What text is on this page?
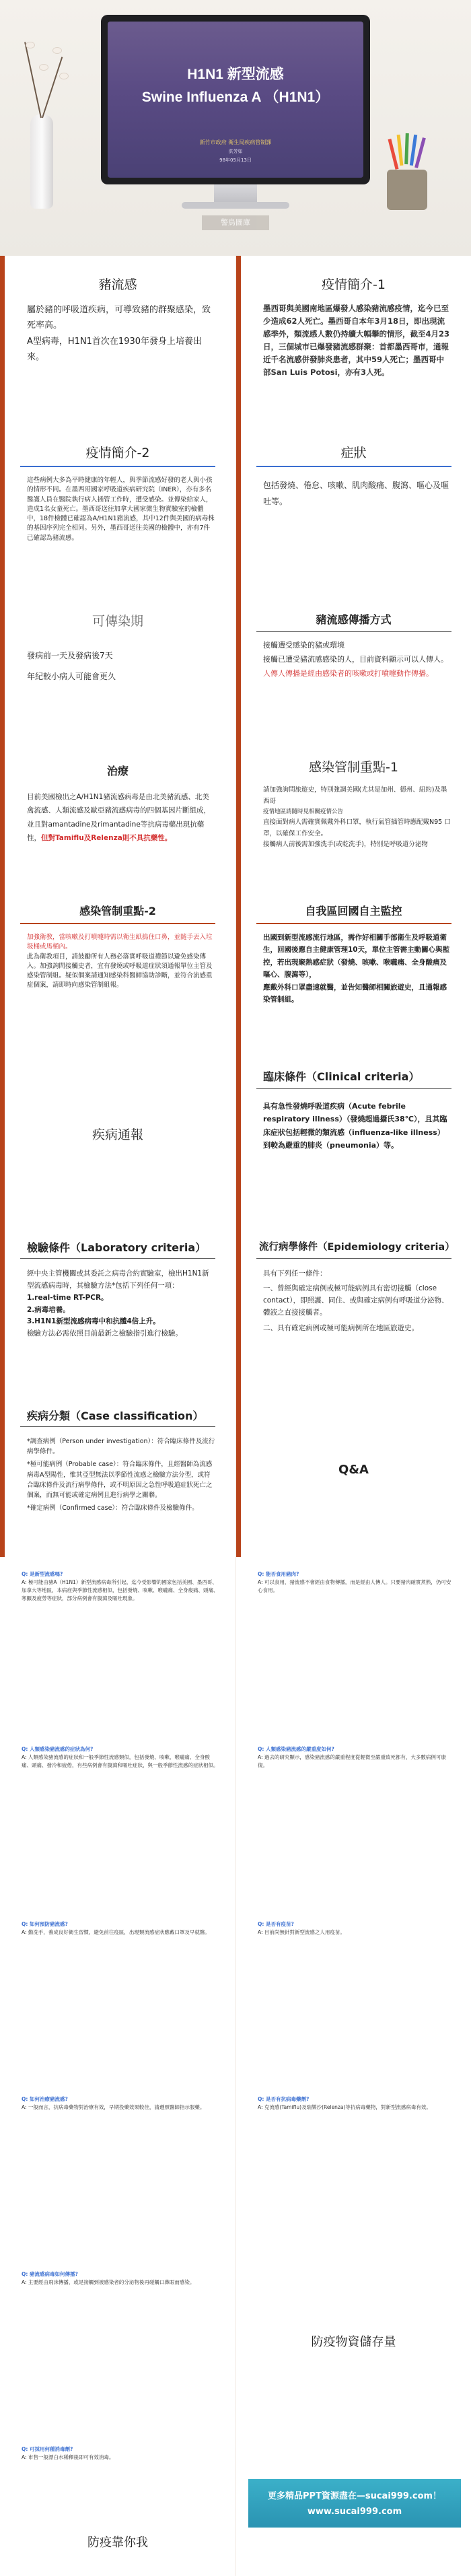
H1N1 新型流感
Swine Influenza A （H1N1）
新竹市政府 衛生局疾病管制課
洪芳如
98年05月13日
警鳥圖庫
豬流感
屬於豬的呼吸道疾病，可導致豬的群聚感染，致死率高。
A型病毒，H1N1首次在1930年發身上培養出來。
疫情簡介-1
墨西哥與美國南地區爆發人感染豬流感疫情，迄今已至少造成62人死亡。墨西哥自本年3月18日，即出現流感季外，類流感人數仍持續大幅攀的情形，截至4月23日，三個城市已爆發豬流感群聚：首都墨西哥市，通報近千名流感併發肺炎患者，其中59人死亡；墨西哥中部San Luis Potosi，亦有3人死。
疫情簡介-2
這些病例大多為平時健康的年輕人，與季節流感好發的老人與小孩的情形不同。在墨西哥國家呼吸道疾病研究院（INER），亦有多名醫護人員在醫院執行病人插管工作時，遭受感染。並傳染給家人，造成1名女童死亡。墨西哥送往加拿大國家微生物實驗室的檢體中，18件檢體已確認為A/H1N1豬流感，其中12件與美國的病毒株的基因序列完全相同。另外，墨西哥送往美國的檢體中，亦有7件已確認為豬流感。
症狀
包括發燒、倦怠、咳嗽、肌肉酸痛、腹瀉、嘔心及嘔吐等。
可傳染期
發病前一天及發病後7天
年紀較小病人可能會更久
豬流感傳播方式
接觸遭受感染的豬或環境
接觸已遭受豬流感感染的人，目前資料顯示可以人傳人。
人傳人傳播是經由感染者的咳嗽或打噴嚏動作傳播。
治療
目前美國檢出之A/H1N1豬流感病毒是由北美豬流感、北美禽流感、人類流感及歐亞豬流感病毒的四個基因片斷組成，並且對amantadine及rimantadine等抗病毒藥出現抗藥性，但對Tamiflu及Relenza則不具抗藥性。
感染管制重點-1
請加強詢問旅遊史，特別強調美國(尤其是加州、德州、紐約)及墨西哥
疫情地區請隨時見相關疫情公告
直接面對病人需確實佩戴外科口罩，執行氣管插管時應配戴N95 口罩，以確保工作安全。
接觸病人前後需加強洗手(或乾洗手)，特別是呼吸道分泌物
感染管制重點-2
加強衛教，當咳嗽及打噴嚏時需以衛生紙摀住口鼻，並隨手丟入垃圾桶或馬桶內。
此為衛教項目，請鼓勵所有人務必落實呼吸道禮節以避免感染傳入。加強詢問接觸史者，宜有發燒或呼吸道症狀須通報單位主管及感染管制組。疑似個案請通知感染科醫師協助診斷，並符合流感重症個案，請即時向感染管制組報。
自我區回國自主監控
出國到新型流感流行地區，需作好相關手部衛生及呼吸道衛生，回國後應自主健康管理10天，單位主管需主動關心與監控，若出現聚熱感症狀（發燒、咳嗽、喉嚨痛、全身酸痛及嘔心、腹瀉等），
應戴外科口罩盡速就醫，並告知醫師相關旅遊史，且通報感染管制組。
疾病通報
臨床條件（Clinical criteria）
具有急性發燒呼吸道疾病（Acute febrile respiratory illness）（發燒超過攝氏38℃），且其臨床症狀包括輕微的類流感（influenza-like illness）到較為嚴重的肺炎（pneumonia）等。
檢驗條件（Laboratory criteria）
經中央主管機關或其委託之病毒合約實驗室，檢出H1N1新型流感病毒時，其檢驗方法*包括下列任何一項：
1.real-time RT-PCR。
2.病毒培養。
3.H1N1新型流感病毒中和抗體4倍上升。
檢驗方法必需依照目前最新之檢驗指引進行檢驗。
流行病學條件（Epidemiology criteria）
具有下列任一條件：
一、曾經與確定病例或極可能病例具有密切接觸（close contact），即照護、同住、或與確定病例有呼吸道分泌物、體液之直接接觸者。
二、具有確定病例或極可能病例所在地區旅遊史。
疾病分類（Case classification）
*調查病例（Person under investigation）：符合臨床條件及流行病學條件。
*極可能病例（Probable case）：符合臨床條件，且經醫師為流感病毒A型陽性，惟其亞型無法以季節性流感之檢驗方法分型，或符合臨床條件及流行病學條件，或不明原因之急性呼吸道症狀死亡之個案，而無可能或確定病例且進行病學之關聯。
*確定病例（Confirmed case）：符合臨床條件及檢驗條件。
Q&A
Q: 是新型流感嗎?
A: 極可能由豬A（H1N1）新型流感病毒所引起，迄今受影響的國家包括美國、墨西哥、加拿大等地區，本病症與季節性流感相似，包括發燒、咳嗽、喉嚨痛、全身痠痛、頭痛、寒顫及疲勞等症狀，部分病例會有腹瀉及嘔吐現象。
Q: 能否食用豬肉?
A: 可以食用，豬流感不會經由食物傳播，而是經由人傳人。只要豬肉確實煮熟，仍可安心食用。
Q: 人類感染豬流感的症狀為何?
A: 人類感染豬流感的症狀和一般季節性流感類似，包括發燒、咳嗽、喉嚨痛、全身酸痛、頭痛、發冷和疲倦，有些病例會有腹瀉和嘔吐症狀，與一般季節性流感的症狀相似。
Q: 人類感染豬流感的嚴重度如何?
A: 過去的研究顯示，感染豬流感的嚴重程度從輕微至嚴重致死都有，大多數病例可康復。
Q: 如何預防豬流感?
A: 勤洗手，養成良好衛生習慣，避免前往疫區，出現類流感症狀應戴口罩及早就醫。
Q: 是否有疫苗?
A: 目前尚無針對新型流感之人用疫苗。
Q: 如何治療豬流感?
A: 一般而言，抗病毒藥物對治療有效，早期投藥效果較佳，請遵照醫師指示服藥。
Q: 是否有抗病毒藥劑?
A: 克流感(Tamiflu)及瑞樂沙(Relenza)等抗病毒藥物，對新型流感病毒有效。
Q: 豬流感病毒如何傳播?
A: 主要經由飛沫傳播，或是接觸到被感染者的分泌物後再碰觸口鼻眼而感染。
防疫物資儲存量
Q: 可採用何種消毒劑?
A: 市售一般漂白水稀釋後即可有效消毒。
防疫靠你我
更多精品PPT資源盡在—sucai999.com！
www.sucai999.com
